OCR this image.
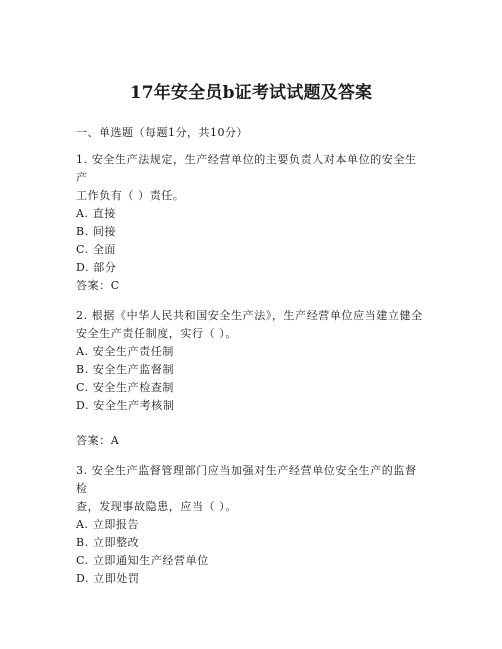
17年安全员b证考试试题及答案
一、单选题（每题1分，共10分）

1. 安全生产法规定，生产经营单位的主要负责人对本单位的安全生产

工作负有（ ）责任。

A. 直接

B. 间接

C. 全面

D. 部分

答案：C

2. 根据《中华人民共和国安全生产法》，生产经营单位应当建立健全

安全生产责任制度，实行（ ）。

A. 安全生产责任制

B. 安全生产监督制

C. 安全生产检查制

D. 安全生产考核制

答案：A

3. 安全生产监督管理部门应当加强对生产经营单位安全生产的监督检

查，发现事故隐患，应当（ ）。

A. 立即报告

B. 立即整改

C. 立即通知生产经营单位

D. 立即处罚
